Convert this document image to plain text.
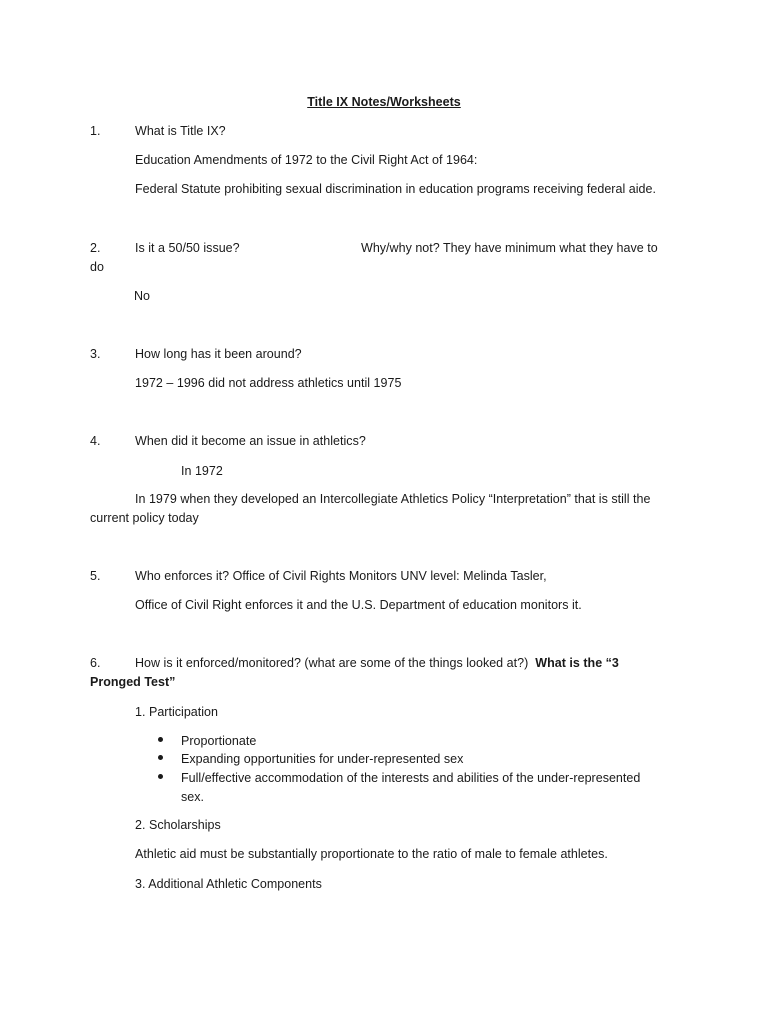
Title IX Notes/Worksheets
1.	What is Title IX?
Education Amendments of 1972 to the Civil Right Act of 1964:
Federal Statute prohibiting sexual discrimination in education programs receiving federal aide.
2.	Is it a 50/50 issue?	Why/why not? They have minimum what they have to
do
No
3.	How long has it been around?
1972 – 1996 did not address athletics until 1975
4.	When did it become an issue in athletics?
In 1972
In 1979 when they developed an Intercollegiate Athletics Policy “Interpretation” that is still the
current policy today
5.	Who enforces it? Office of Civil Rights Monitors UNV level: Melinda Tasler,
Office of Civil Right enforces it and the U.S. Department of education monitors it.
6.	How is it enforced/monitored? (what are some of the things looked at?) What is the “3
Pronged Test”
1. Participation
Proportionate
Expanding opportunities for under-represented sex
Full/effective accommodation of the interests and abilities of the under-represented
sex.
2. Scholarships
Athletic aid must be substantially proportionate to the ratio of male to female athletes.
3. Additional Athletic Components
